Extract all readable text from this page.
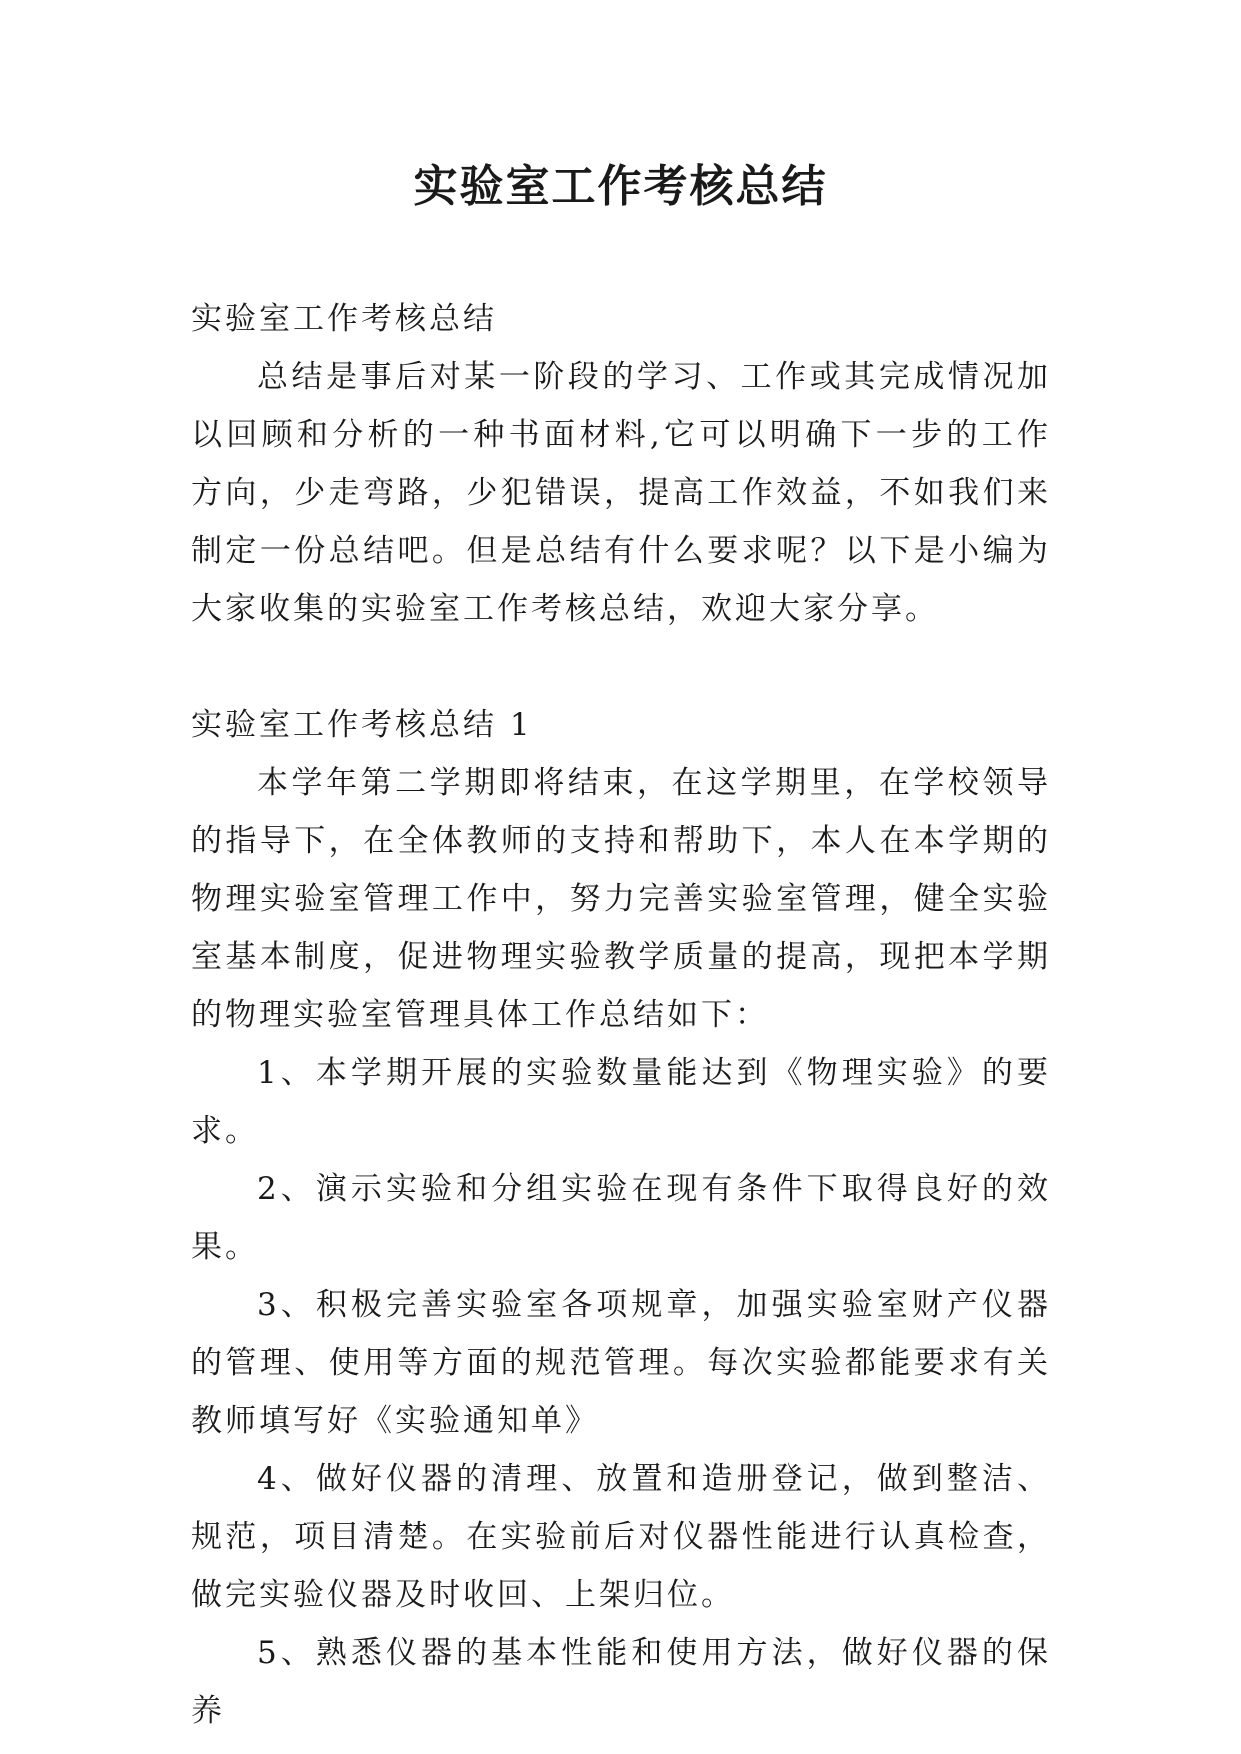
实验室工作考核总结

实验室工作考核总结

总结是事后对某一阶段的学习、工作或其完成情况加以回顾和分析的一种书面材料,它可以明确下一步的工作方向，少走弯路，少犯错误，提高工作效益，不如我们来制定一份总结吧。但是总结有什么要求呢？以下是小编为大家收集的实验室工作考核总结，欢迎大家分享。

实验室工作考核总结 1

本学年第二学期即将结束，在这学期里，在学校领导的指导下，在全体教师的支持和帮助下，本人在本学期的物理实验室管理工作中，努力完善实验室管理，健全实验室基本制度，促进物理实验教学质量的提高，现把本学期的物理实验室管理具体工作总结如下：

1、本学期开展的实验数量能达到《物理实验》的要求。

2、演示实验和分组实验在现有条件下取得良好的效果。

3、积极完善实验室各项规章，加强实验室财产仪器的管理、使用等方面的规范管理。每次实验都能要求有关教师填写好《实验通知单》

4、做好仪器的清理、放置和造册登记，做到整洁、规范，项目清楚。在实验前后对仪器性能进行认真检查，做完实验仪器及时收回、上架归位。

5、熟悉仪器的基本性能和使用方法，做好仪器的保养
